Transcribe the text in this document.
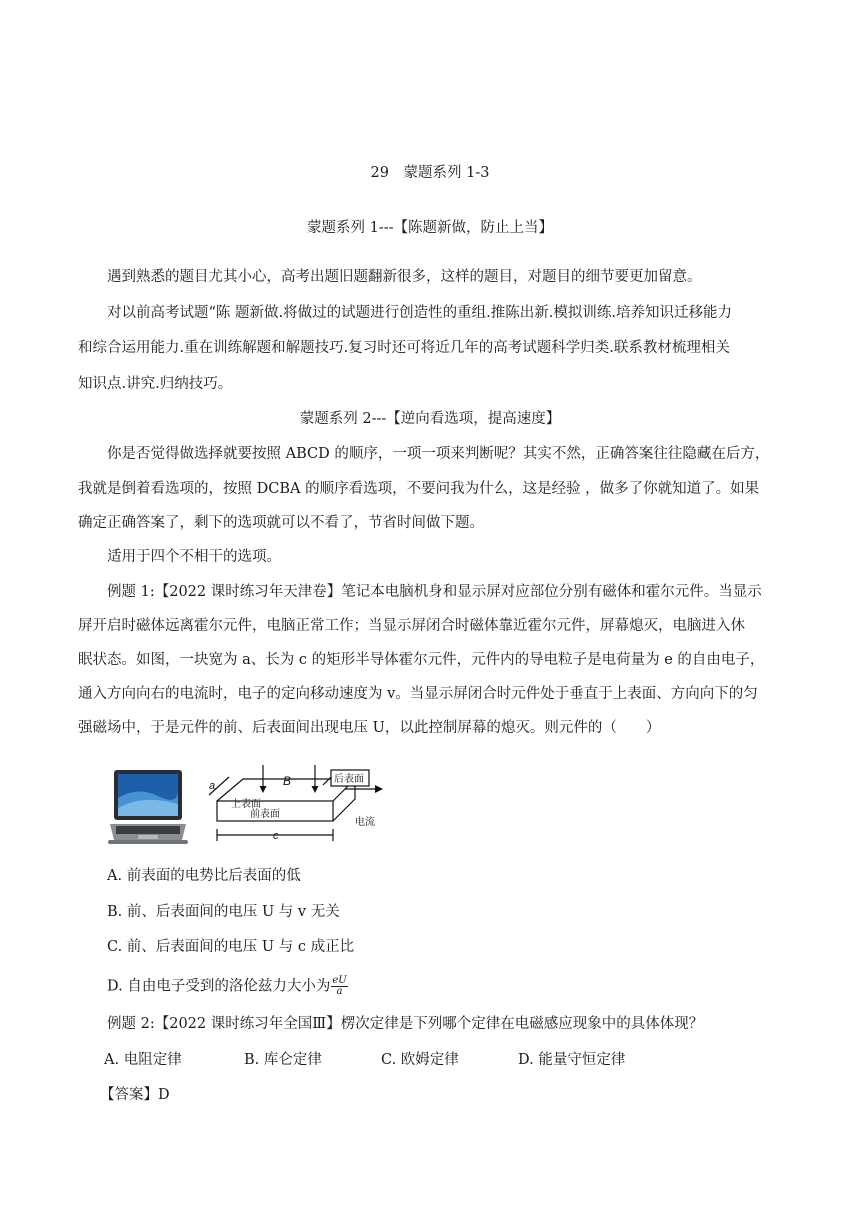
29　蒙题系列 1-3
蒙题系列 1---【陈题新做，防止上当】
遇到熟悉的题目尤其小心，高考出题旧题翻新很多，这样的题目，对题目的细节要更加留意。
对以前高考试题“陈 题新做.将做过的试题进行创造性的重组.推陈出新.模拟训练.培养知识迁移能力
和综合运用能力.重在训练解题和解题技巧.复习时还可将近几年的高考试题科学归类.联系教材梳理相关
知识点.讲究.归纳技巧。
蒙题系列 2---【逆向看选项，提高速度】
你是否觉得做选择就要按照 ABCD 的顺序，一项一项来判断呢？其实不然，正确答案往往隐藏在后方，
我就是倒着看选项的，按照 DCBA 的顺序看选项，不要问我为什么，这是经验 ，做多了你就知道了。如果
确定正确答案了，剩下的选项就可以不看了，节省时间做下题。
适用于四个不相干的选项。
例题 1:【2022 课时练习年天津卷】笔记本电脑机身和显示屏对应部位分别有磁体和霍尔元件。当显示
屏开启时磁体远离霍尔元件，电脑正常工作；当显示屏闭合时磁体靠近霍尔元件，屏幕熄灭，电脑进入休
眠状态。如图，一块宽为 a、长为 c 的矩形半导体霍尔元件，元件内的导电粒子是电荷量为 e 的自由电子，
通入方向向右的电流时，电子的定向移动速度为 v。当显示屏闭合时元件处于垂直于上表面、方向向下的匀
强磁场中，于是元件的前、后表面间出现电压 U，以此控制屏幕的熄灭。则元件的（　　）
B	后表面
上表面
前表面
a
c
电流
A. 前表面的电势比后表面的低
B. 前、后表面间的电压 U 与 v 无关
C. 前、后表面间的电压 U 与 c 成正比
D. 自由电子受到的洛伦兹力大小为 $\frac{eU}{a}$
例题 2:【2022 课时练习年全国Ⅲ】楞次定律是下列哪个定律在电磁感应现象中的具体体现？
A. 电阻定律	B. 库仑定律	C. 欧姆定律	D. 能量守恒定律
【答案】D
